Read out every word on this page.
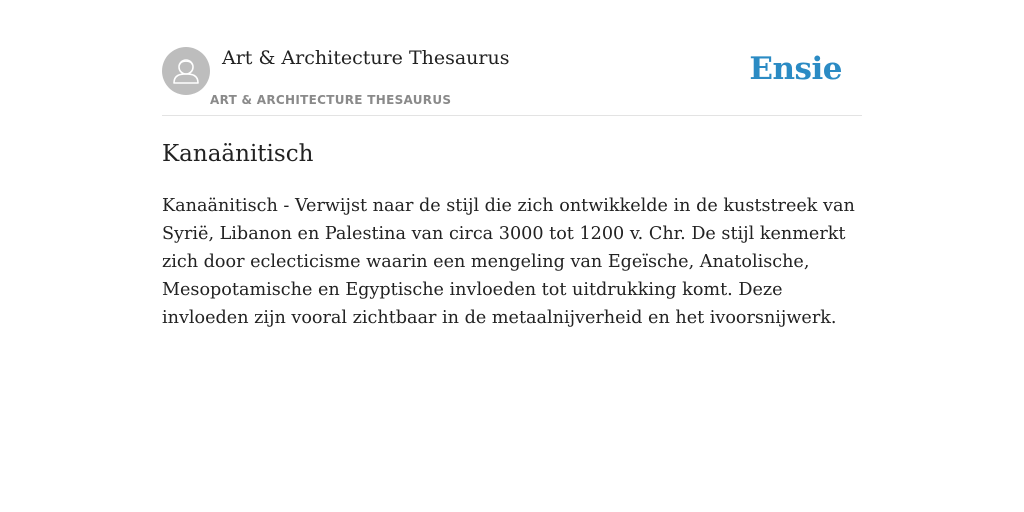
Art & Architecture Thesaurus
ART & ARCHITECTURE THESAURUS
Ensie
Kanaänitisch

Kanaänitisch - Verwijst naar de stijl die zich ontwikkelde in de kuststreek van Syrië, Libanon en Palestina van circa 3000 tot 1200 v. Chr. De stijl kenmerkt zich door eclecticisme waarin een mengeling van Egeïsche, Anatolische, Mesopotamische en Egyptische invloeden tot uitdrukking komt. Deze invloeden zijn vooral zichtbaar in de metaalnijverheid en het ivoorsnijwerk.
